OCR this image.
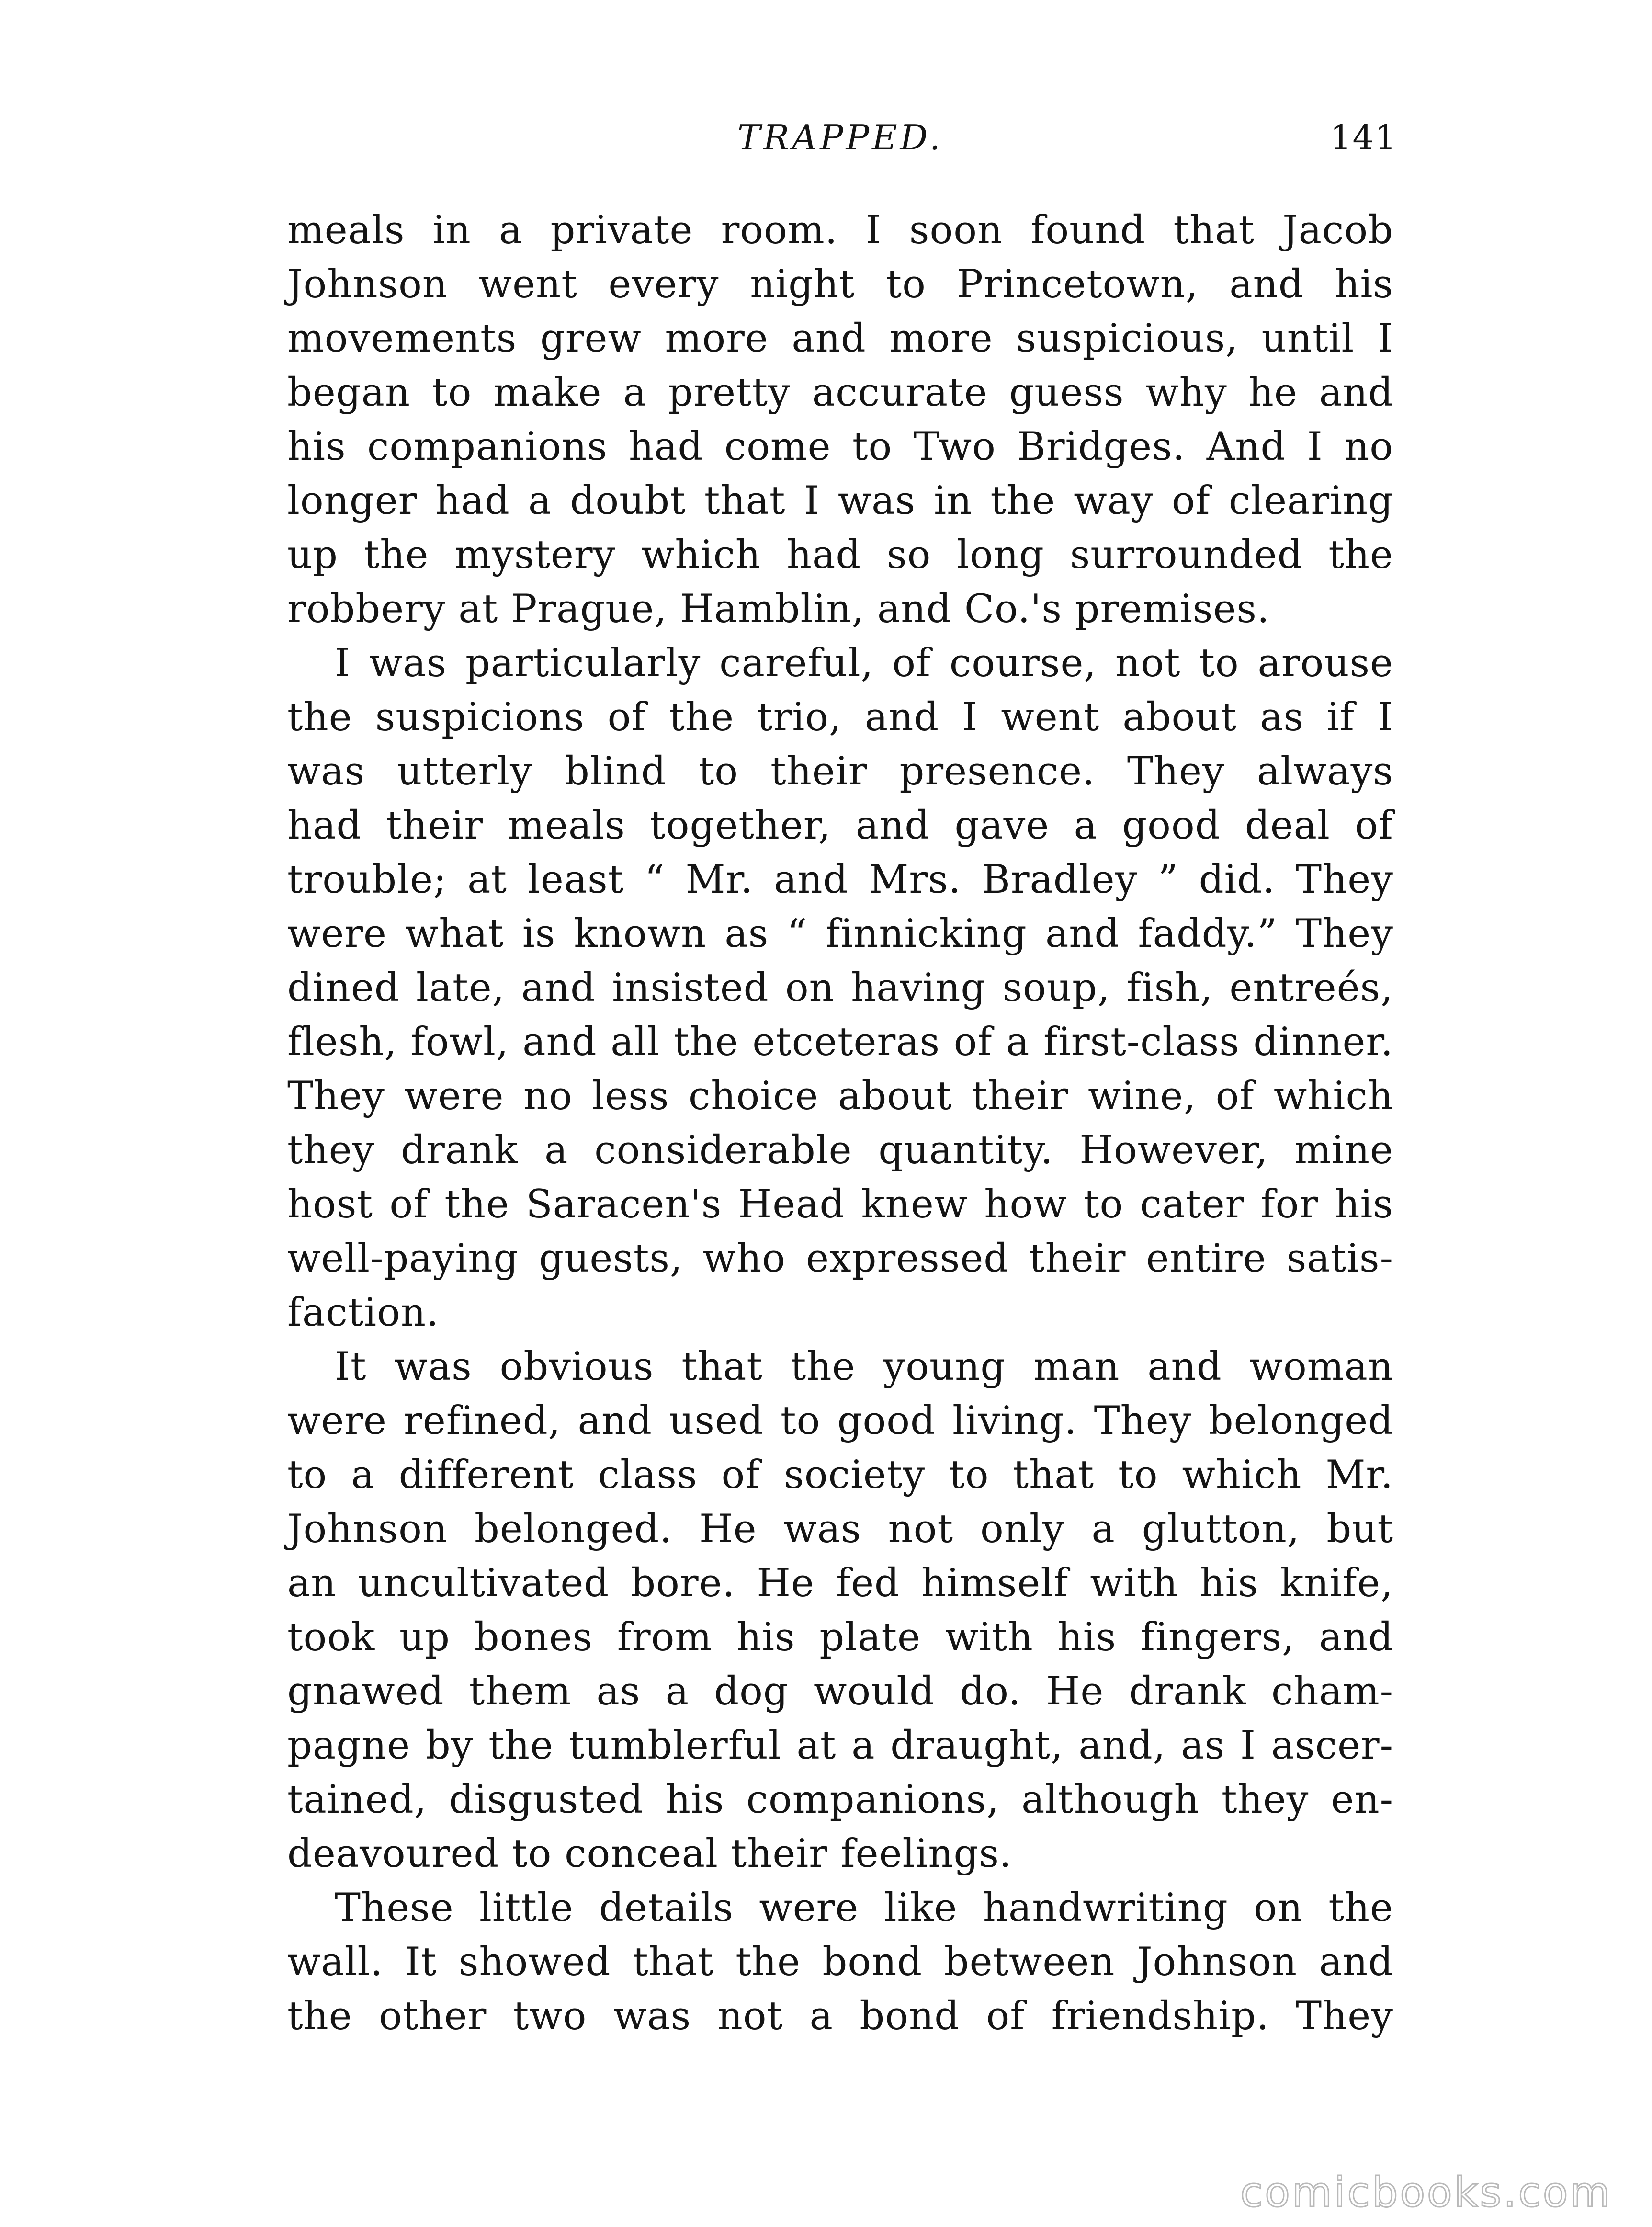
TRAPPED.	141
meals in a private room. I soon found that Jacob
Johnson went every night to Princetown, and his
movements grew more and more suspicious, until I
began to make a pretty accurate guess why he and
his companions had come to Two Bridges. And I no
longer had a doubt that I was in the way of clearing
up the mystery which had so long surrounded the
robbery at Prague, Hamblin, and Co.'s premises.
I was particularly careful, of course, not to arouse
the suspicions of the trio, and I went about as if I
was utterly blind to their presence. They always
had their meals together, and gave a good deal of
trouble; at least “ Mr. and Mrs. Bradley ” did. They
were what is known as “ finnicking and faddy.” They
dined late, and insisted on having soup, fish, entreés,
flesh, fowl, and all the etceteras of a first-class dinner.
They were no less choice about their wine, of which
they drank a considerable quantity. However, mine
host of the Saracen's Head knew how to cater for his
well-paying guests, who expressed their entire satis-
faction.
It was obvious that the young man and woman
were refined, and used to good living. They belonged
to a different class of society to that to which Mr.
Johnson belonged. He was not only a glutton, but
an uncultivated bore. He fed himself with his knife,
took up bones from his plate with his fingers, and
gnawed them as a dog would do. He drank cham-
pagne by the tumblerful at a draught, and, as I ascer-
tained, disgusted his companions, although they en-
deavoured to conceal their feelings.
These little details were like handwriting on the
wall. It showed that the bond between Johnson and
the other two was not a bond of friendship. They
comicbooks.com
